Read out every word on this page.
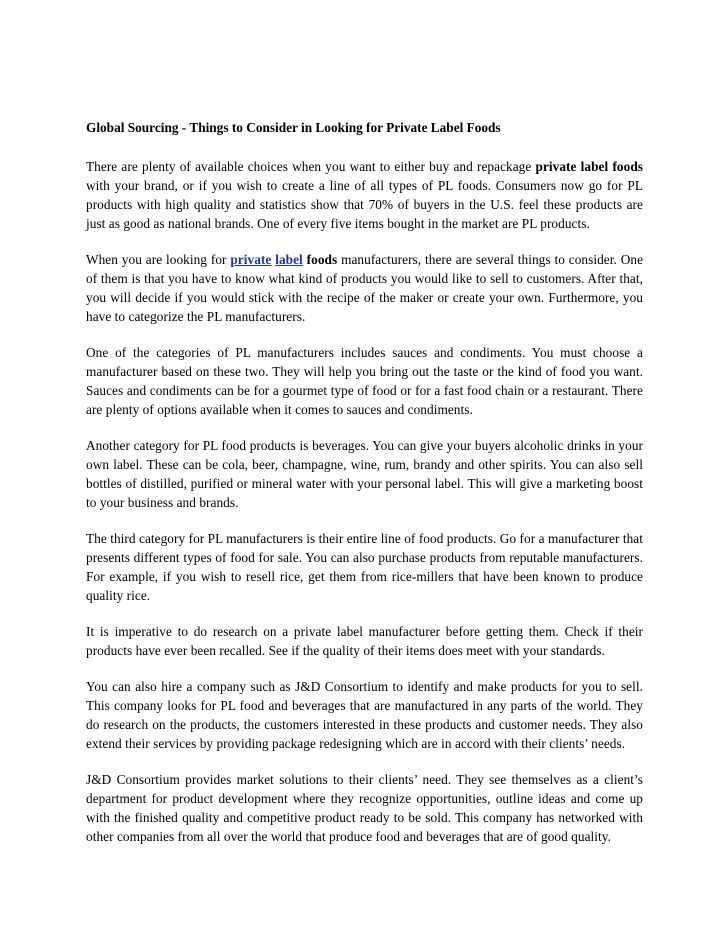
Global Sourcing - Things to Consider in Looking for Private Label Foods

There are plenty of available choices when you want to either buy and repackage private label foods with your brand, or if you wish to create a line of all types of PL foods. Consumers now go for PL products with high quality and statistics show that 70% of buyers in the U.S. feel these products are just as good as national brands. One of every five items bought in the market are PL products.

When you are looking for private label foods manufacturers, there are several things to consider. One of them is that you have to know what kind of products you would like to sell to customers. After that, you will decide if you would stick with the recipe of the maker or create your own. Furthermore, you have to categorize the PL manufacturers.

One of the categories of PL manufacturers includes sauces and condiments. You must choose a manufacturer based on these two. They will help you bring out the taste or the kind of food you want. Sauces and condiments can be for a gourmet type of food or for a fast food chain or a restaurant. There are plenty of options available when it comes to sauces and condiments.

Another category for PL food products is beverages. You can give your buyers alcoholic drinks in your own label. These can be cola, beer, champagne, wine, rum, brandy and other spirits. You can also sell bottles of distilled, purified or mineral water with your personal label. This will give a marketing boost to your business and brands.

The third category for PL manufacturers is their entire line of food products. Go for a manufacturer that presents different types of food for sale. You can also purchase products from reputable manufacturers. For example, if you wish to resell rice, get them from rice-millers that have been known to produce quality rice.

It is imperative to do research on a private label manufacturer before getting them. Check if their products have ever been recalled. See if the quality of their items does meet with your standards.

You can also hire a company such as J&D Consortium to identify and make products for you to sell. This company looks for PL food and beverages that are manufactured in any parts of the world. They do research on the products, the customers interested in these products and customer needs. They also extend their services by providing package redesigning which are in accord with their clients’ needs.

J&D Consortium provides market solutions to their clients’ need. They see themselves as a client’s department for product development where they recognize opportunities, outline ideas and come up with the finished quality and competitive product ready to be sold. This company has networked with other companies from all over the world that produce food and beverages that are of good quality.
